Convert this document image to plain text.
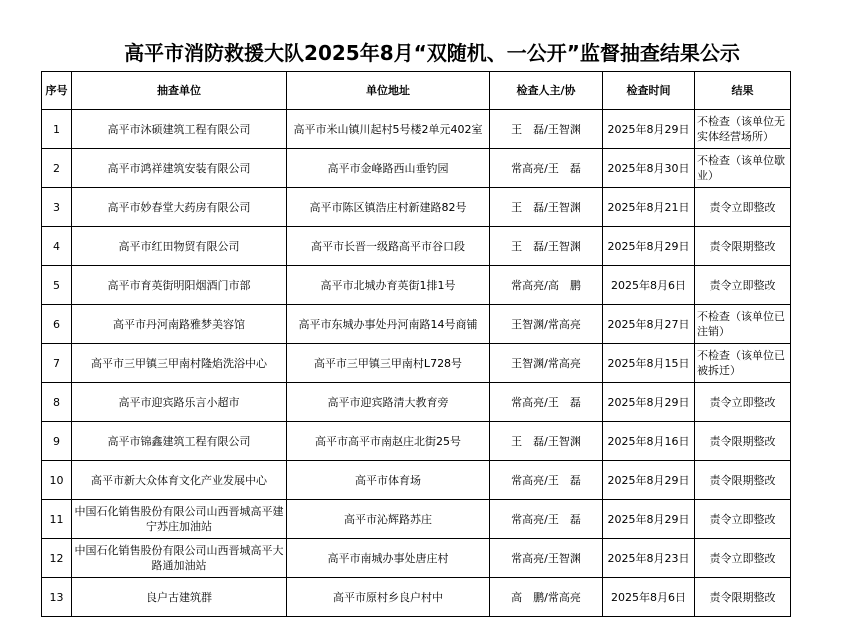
高平市消防救援大队2025年8月“双随机、一公开”监督抽查结果公示
序号	抽查单位	单位地址	检查人主/协	检查时间	结果
1	高平市沐硕建筑工程有限公司	高平市米山镇川起村5号楼2单元402室	王　磊/王智渊	2025年8月29日	不检查（该单位无实体经营场所）
2	高平市鸿祥建筑安装有限公司	高平市金峰路西山垂钓园	常高亮/王　磊	2025年8月30日	不检查（该单位歇业）
3	高平市妙春堂大药房有限公司	高平市陈区镇浩庄村新建路82号	王　磊/王智渊	2025年8月21日	责令立即整改
4	高平市红田物贸有限公司	高平市长晋一级路高平市谷口段	王　磊/王智渊	2025年8月29日	责令限期整改
5	高平市育英街明阳烟酒门市部	高平市北城办育英街1排1号	常高亮/高　鹏	2025年8月6日	责令立即整改
6	高平市丹河南路雅梦美容馆	高平市东城办事处丹河南路14号商铺	王智渊/常高亮	2025年8月27日	不检查（该单位已注销）
7	高平市三甲镇三甲南村隆焰洗浴中心	高平市三甲镇三甲南村L728号	王智渊/常高亮	2025年8月15日	不检查（该单位已被拆迁）
8	高平市迎宾路乐言小超市	高平市迎宾路清大教育旁	常高亮/王　磊	2025年8月29日	责令立即整改
9	高平市锦鑫建筑工程有限公司	高平市高平市南赵庄北街25号	王　磊/王智渊	2025年8月16日	责令限期整改
10	高平市新大众体育文化产业发展中心	高平市体育场	常高亮/王　磊	2025年8月29日	责令限期整改
11	中国石化销售股份有限公司山西晋城高平建宁苏庄加油站	高平市沁辉路苏庄	常高亮/王　磊	2025年8月29日	责令立即整改
12	中国石化销售股份有限公司山西晋城高平大路通加油站	高平市南城办事处唐庄村	常高亮/王智渊	2025年8月23日	责令立即整改
13	良户古建筑群	高平市原村乡良户村中	高　鹏/常高亮	2025年8月6日	责令限期整改
